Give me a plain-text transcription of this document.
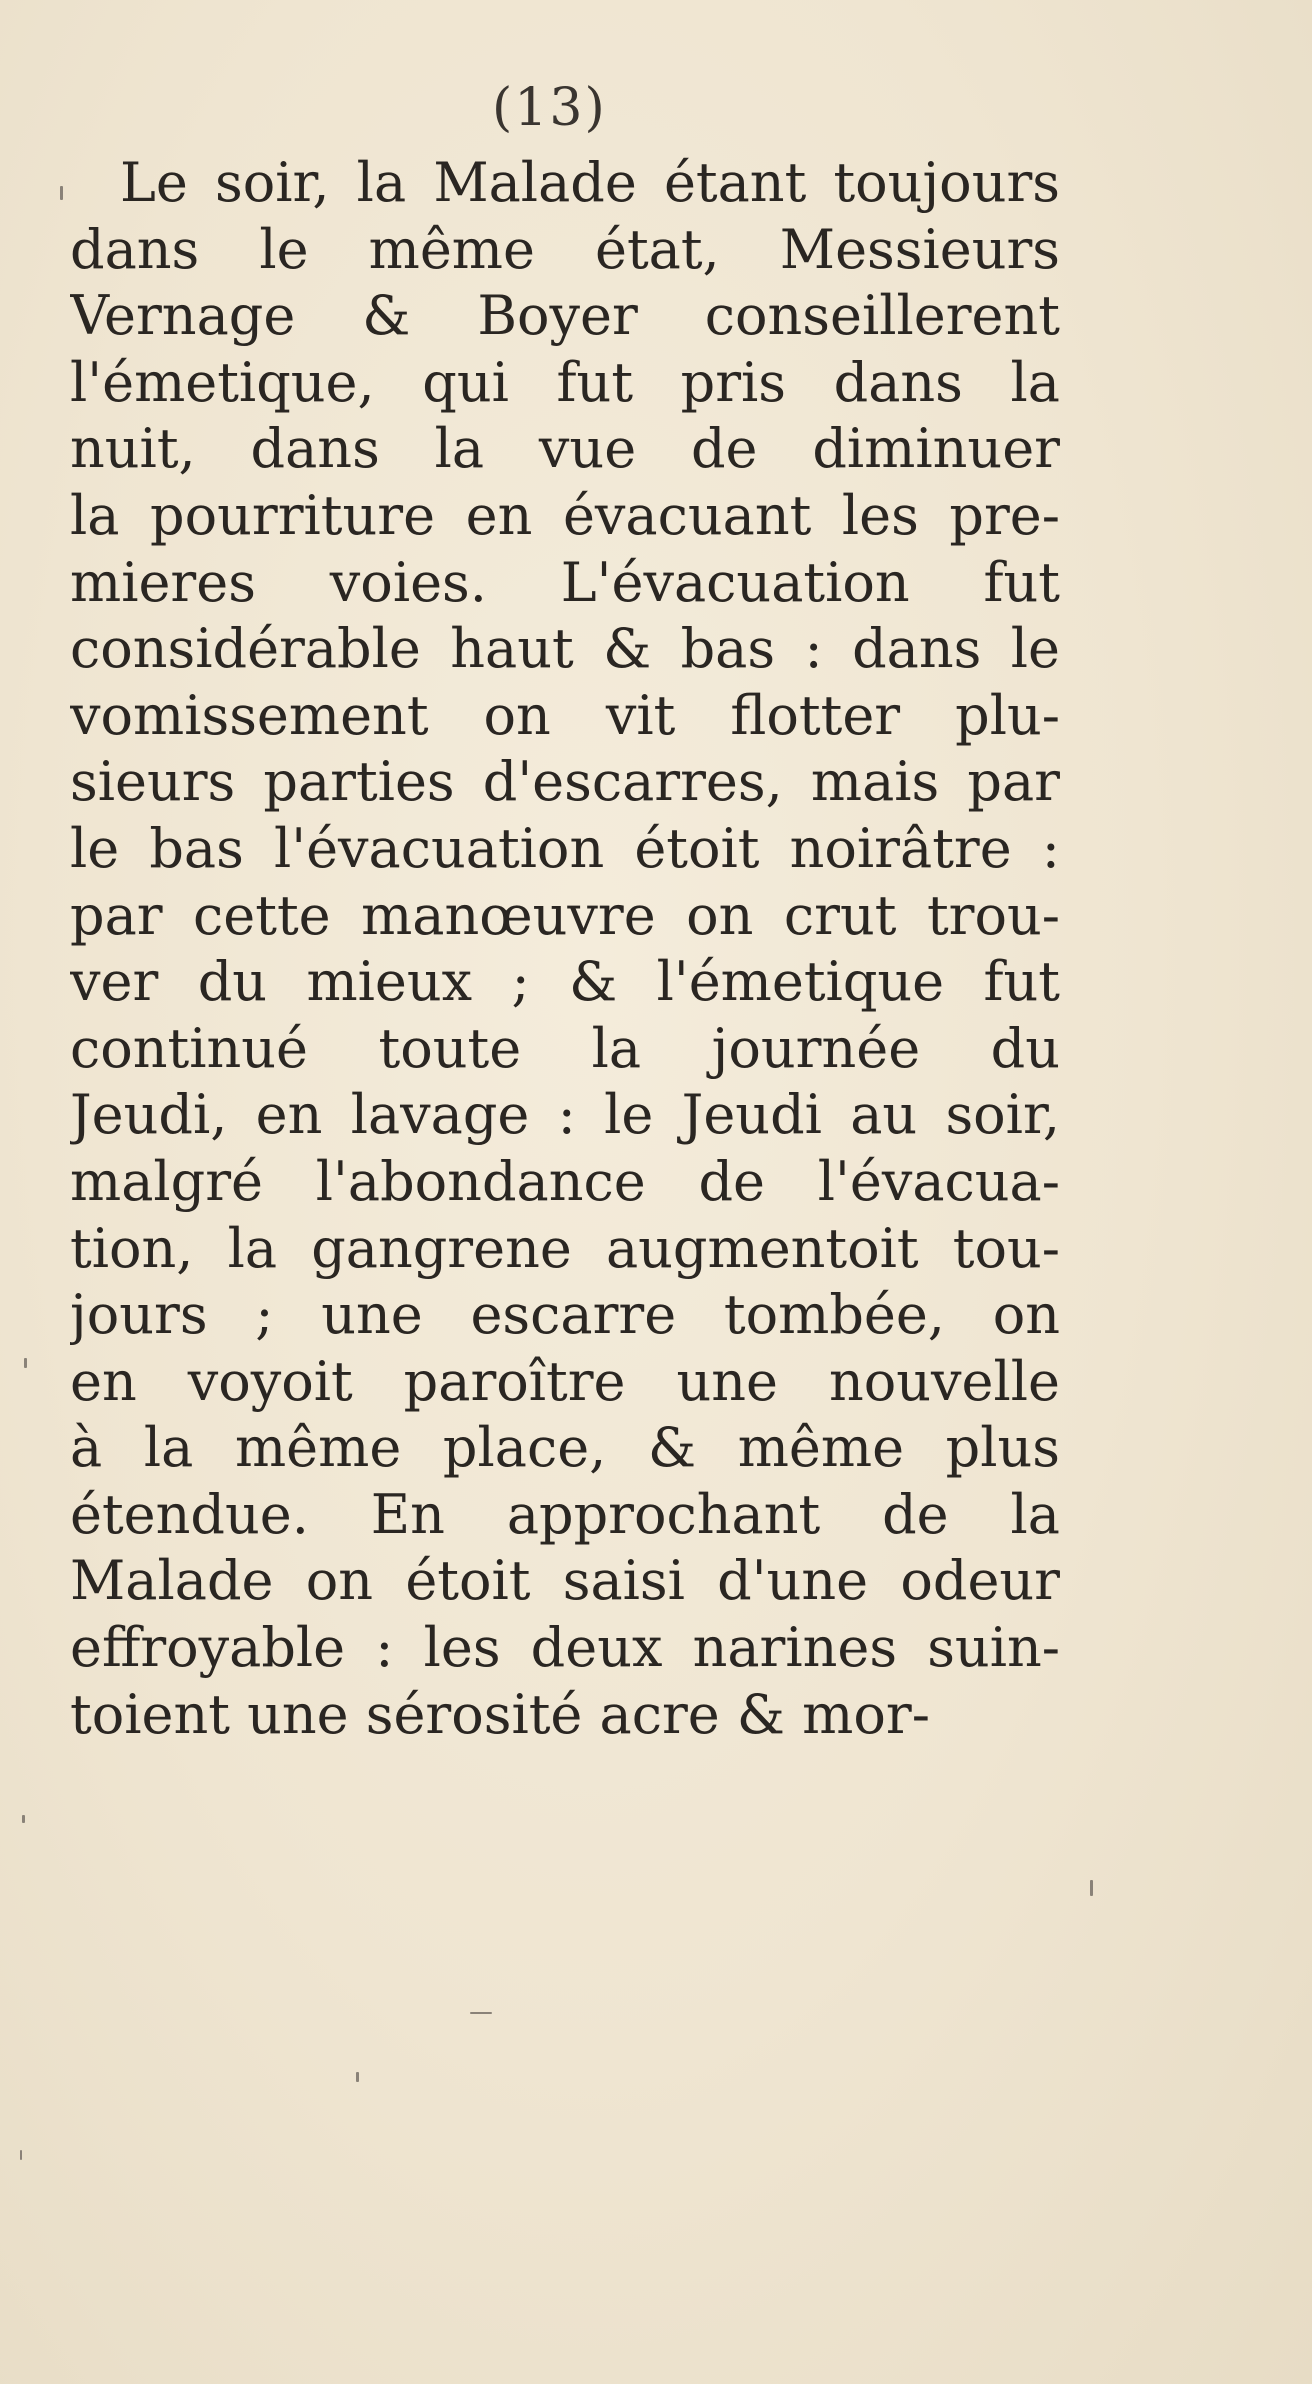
(13)
Le soir, la Malade étant toujours
dans le même état, Messieurs
Vernage & Boyer conseillerent
l'émetique, qui fut pris dans la
nuit, dans la vue de diminuer
la pourriture en évacuant les pre-
mieres voies. L'évacuation fut
considérable haut & bas : dans le
vomissement on vit flotter plu-
sieurs parties d'escarres, mais par
le bas l'évacuation étoit noirâtre :
par cette manœuvre on crut trou-
ver du mieux ; & l'émetique fut
continué toute la journée du
Jeudi, en lavage : le Jeudi au soir,
malgré l'abondance de l'évacua-
tion, la gangrene augmentoit tou-
jours ; une escarre tombée, on
en voyoit paroître une nouvelle
à la même place, & même plus
étendue. En approchant de la
Malade on étoit saisi d'une odeur
effroyable : les deux narines suin-
toient une sérosité acre & mor-
